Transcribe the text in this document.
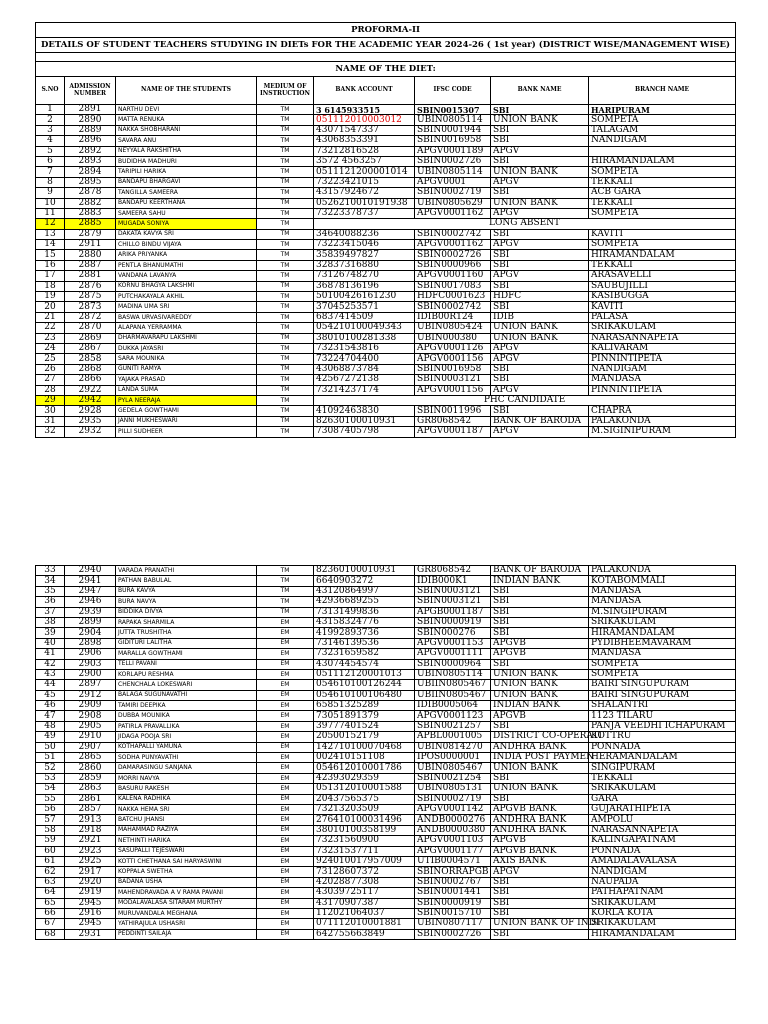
PROFORMA-II							
DETAILS OF STUDENT TEACHERS STUDYING IN DIETs FOR THE ACADEMIC YEAR 2024-26 ( 1st year) (DISTRICT WISE/MANAGEMENT WISE)							

NAME OF THE DIET:							
S.NO	ADMISSION NUMBER	NAME OF THE STUDENTS	MEDIUM OF INSTRUCTION	BANK ACCOUNT	IFSC CODE	BANK NAME	BRANCH NAME
1	2891	NARTHU DEVI	TM	3 6145933515	SBIN0015307	SBI	HARIPURAM
2	2890	MATTA RENUKA	TM	051112010003012	UBIN0805114	UNION BANK	SOMPETA
3	2889	NAKKA SHOBHARANI	TM	43071547337	SBIN0001944	SBI	TALAGAM
4	2896	SAVARA ANU	TM	43068353391	SBIN0016958	SBI	NANDIGAM
5	2892	NEYYALA RAKSHITHA	TM	73212816528	APGV0001189	APGV	
6	2893	BUDIDHA MADHURI	TM	3572 4563257	SBIN0002726	SBI	HIRAMANDALAM
7	2894	TARIPILI HARIKA	TM	0511121200001014	UBIN0805114	UNION BANK	SOMPETA
8	2895	BANDAPU BHARGAVI	TM	73223421015	APGV0001	APGV	TEKKALI
9	2878	TANGILLA SAMEERA	TM	43157924672	SBIN0002719	SBI	ACB GARA
10	2882	BANDAPU KEERTHANA	TM	0526210010191938	UBIN0805629	UNION BANK	TEKKALI
11	2883	SAMEERA SAHU	TM	73223378737	APGV0001162	APGV	SOMPETA
12	2885	MUGADA SONIYA	TM	LONG ABSENT			
13	2879	DAKATA KAVYA SRI	TM	34640088236	SBIN0002742	SBI	KAVITI
14	2911	CHILLO BINDU VIJAYA	TM	73223415046	APGV0001162	APGV	SOMPETA
15	2880	ARIKA PRIYANKA	TM	35839497827	SBIN0002726	SBI	HIRAMANDALAM
16	2887	PENTLA BHANUMATHI	TM	32837316880	SBIN0000966	SBI	TEKKALI
17	2881	VANDANA LAVANYA	TM	73126748270	APGV0001160	APGV	ARASAVELLI
18	2876	KORNU BHAGYA LAKSHMI	TM	36878136196	SBIN0017083	SBI	SAUBUJILLI
19	2875	PUTCHAKAYALA AKHIL	TM	50100426161230	HDFC0001623	HDFC	KASIBUGGA
20	2873	MADINA UMA SRI	TM	37045253571	SBIN0002742	SBI	KAVITI
21	2872	BASWA URVASIVAREDDY	TM	6837414509	IDIB00R124	IDIB	PALASA
22	2870	ALAPANA YERRAMMA	TM	054210100049343	UBIN0805424	UNION BANK	SRIKAKULAM
23	2869	DHARMAVARAPU LAKSHMI	TM	38010100281338	UBIN000380	UNION BANK	NARASANNAPETA
24	2867	DUKKA JAYASRI	TM	73231543816	APGV0001126	APGV	KALIVARAM
25	2858	SARA MOUNIKA	TM	73224704400	APGV0001156	APGV	PINNINTIPETA
26	2868	GUNITI RAMYA	TM	43068873784	SBIN0016958	SBI	NANDIGAM
27	2866	YAJAKA PRASAD	TM	42567272138	SBIN0003121	SBI	MANDASA
28	2922	LANDA SUMA	TM	73214237174	APGV0001156	APGV	PINNINTIPETA
29	2942	PYLA NEERAJA	TM	PHC CANDIDATE			
30	2928	GEDELA GOWTHAMI	TM	41092463830	SBIN0011996	SBI	CHAPRA
31	2935	JANNI MUKHESWARI	TM	82630100010931	GR8068542	BANK OF BARODA	PALAKONDA
32	2932	PILLI SUDHEER	TM	73087405798	APGV0001187	APGV	M.SIGINIPURAM
33	2940	VARADA PRANATHI	TM	82360100010931	GR8068542	BANK OF BARODA	PALAKONDA
34	2941	PATHAN BABULAL	TM	6640903272	IDIB000K1	INDIAN BANK	KOTABOMMALI
35	2947	BURA KAVYA	TM	43120864997	SBIN0003121	SBI	MANDASA
36	2946	BURA NAVYA	TM	42936689255	SBIN0003121	SBI	MANDASA
37	2939	BIDDIKA DIVYA	TM	73131499836	APGB0001187	SBI	M.SINGIPURAM
38	2899	RAPAKA SHARMILA	EM	43158324776	SBIN0000919	SBI	SRIKAKULAM
39	2904	JUTTA TRUSHITHA	EM	41992893736	SBIN000276	SBI	HIRAMANDALAM
40	2898	GIDITURI LALITHA	EM	73146139536	APGV0001153	APGVB	PYDIBHEEMAVARAM
41	2906	MARALLA GOWTHAMI	EM	73231659582	APGV0001111	APGVB	MANDASA
42	2903	TELLI PAVANI	EM	43074454574	SBIN0000964	SBI	SOMPETA
43	2900	KORLAPU RESHMA	EM	051112120001013	UBIN0805114	UNION BANK	SOMPETA
44	2897	CHENCHALA LOKESWARI	EM	054610100126244	UBIIN0805467	UNION BANK	BAIRI SINGUPURAM
45	2912	BALAGA SUGUNAVATHI	EM	054610100106480	UBIIN0805467	UNION BANK	BAIRI SINGUPURAM
46	2909	TAMIRI DEEPIKA	EM	65851325289	IDIB0005064	INDIAN BANK	SHALANTRI
47	2908	DUBBA MOUNIKA	EM	73051891379	APGV0001123	APGVB	1123 TILARU
48	2905	PATIRLA PRAVALLIKA	EM	39777401524	SBIN0021257	SBI	PANJA VEEDHI ICHAPURAM
49	2910	JIDAGA POOJA SRI	EM	20500152179	APBL0001005	DISTRICT CO-OPERATI	KOTTRU
50	2907	KOTHAPALLI YAMUNA	EM	142710100070468	UBIN0814270	ANDHRA BANK	PONNADA
51	2865	SODHA PUNYAVATHI	EM	002410151108	IPOS0000001	INDIA POST PAYMEN	HERAMANDALAM
52	2860	DAMARASINGU SANJANA	EM	054612010001786	UBIN0805467	UNION BANK	SINGIPURAM
53	2859	MORRI NAVYA	EM	42393029359	SBIN0021254	SBI	TEKKALI
54	2863	BASURU RAKESH	EM	051312010001588	UBIN0805131	UNION BANK	SRIKAKULAM
55	2861	KALENA RADHIKA	EM	20437565375	SBIN0002719	SBI	GARA
56	2857	NAKKA HEMA SRI	EM	73213203509	APGV0001142	APGVB BANK	GUJARATHIPETA
57	2913	BATCHU JHANSI	EM	276410100031496	ANDB0000276	ANDHRA BANK	AMPOLU
58	2918	MAHAMMAD RAZIYA	EM	38010100358199	ANDB0000380	ANDHRA BANK	NARASANNAPETA
59	2921	NETHINTI HARIKA	EM	73231560900	APGV0001103	APGVB	KALINGAPATNAM
60	2923	SASUPALLI TEJESWARI	EM	73231537711	APGV0001177	APGVB BANK	PONNADA
61	2925	KOTTI CHETHANA SAI HARYASWINI	EM	924010017957009	UTIB0004571	AXIS BANK	AMADALAVALASA
62	2917	KOPPALA SWETHA	EM	73128607372	SBINORRAPGB	APGV	NANDIGAM
63	2920	BADANA USHA	EM	42028877308	SBIN0002767	SBI	NAUPADA
64	2919	MAHENDRAVADA A V RAMA PAVANI	EM	43039725117	SBIN0001441	SBI	PATHAPATNAM
65	2945	MODALAVALASA SITARAM MURTHY	EM	43170907387	SBIN0000919	SBI	SRIKAKULAM
66	2916	MURUVANDALA MEGHANA	EM	112021064037	SBIN0015710	SBI	KORLA KOTA
67	2945	YATHIRAJULA USHASRI	EM	071112010001881	UBIN0807117	UNION BANK OF INDI	SRIKAKULAM
68	2931	PEDDINTI SAILAJA	EM	642755663849	SBIN0002726	SBI	HIRAMANDALAM
